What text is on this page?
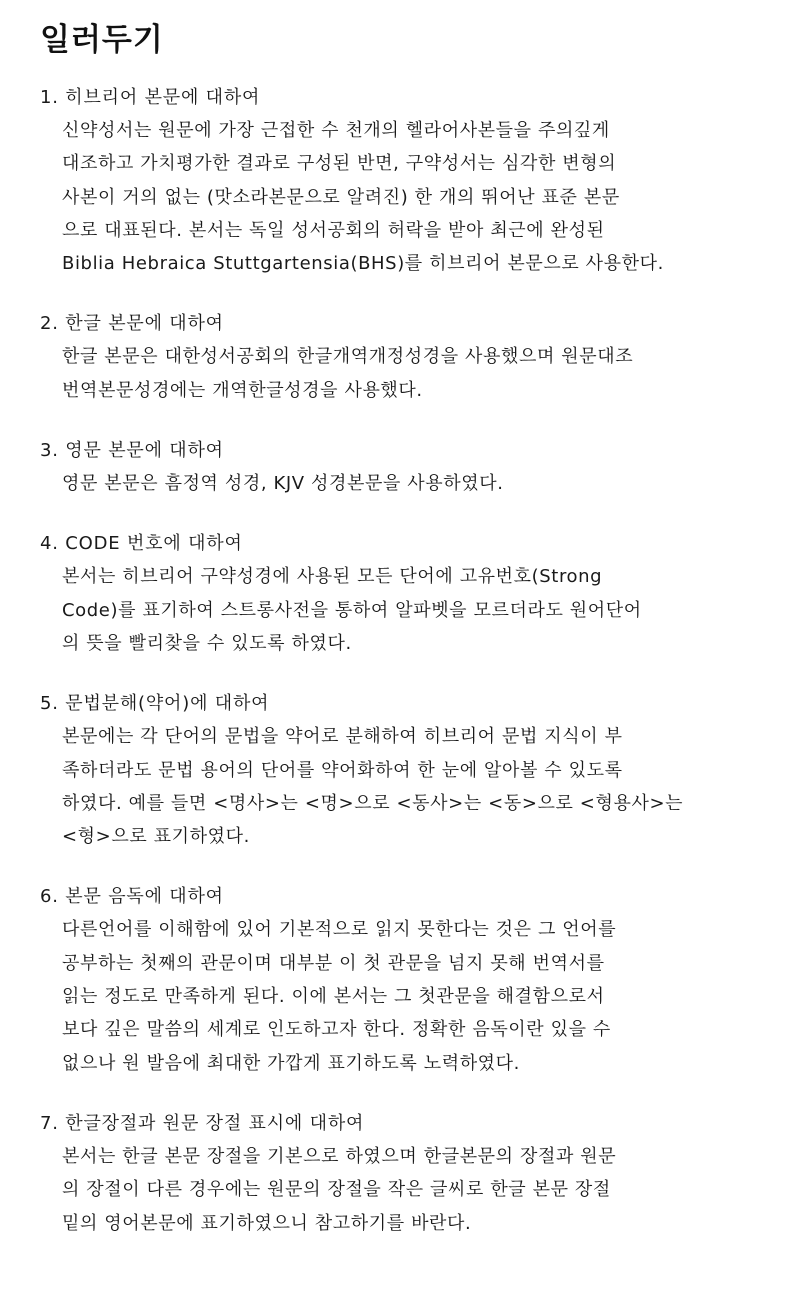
일러두기

1. 히브리어 본문에 대하여

신약성서는 원문에 가장 근접한 수 천개의 헬라어사본들을 주의깊게

대조하고 가치평가한 결과로 구성된 반면, 구약성서는 심각한 변형의

사본이 거의 없는 (맛소라본문으로 알려진) 한 개의 뛰어난 표준 본문

으로 대표된다. 본서는 독일 성서공회의 허락을 받아 최근에 완성된

Biblia Hebraica Stuttgartensia(BHS)를 히브리어 본문으로 사용한다.

2. 한글 본문에 대하여

한글 본문은 대한성서공회의 한글개역개정성경을 사용했으며 원문대조

번역본문성경에는 개역한글성경을 사용했다.

3. 영문 본문에 대하여

영문 본문은 흠정역 성경, KJV 성경본문을 사용하였다.

4. CODE 번호에 대하여

본서는 히브리어 구약성경에 사용된 모든 단어에 고유번호(Strong

Code)를 표기하여 스트롱사전을 통하여 알파벳을 모르더라도 원어단어

의 뜻을 빨리찾을 수 있도록 하였다.

5. 문법분해(약어)에 대하여

본문에는 각 단어의 문법을 약어로 분해하여 히브리어 문법 지식이 부

족하더라도 문법 용어의 단어를 약어화하여 한 눈에 알아볼 수 있도록

하였다. 예를 들면 <명사>는 <명>으로 <동사>는 <동>으로 <형용사>는

<형>으로 표기하였다.

6. 본문 음독에 대하여

다른언어를 이해함에 있어 기본적으로 읽지 못한다는 것은 그 언어를

공부하는 첫째의 관문이며 대부분 이 첫 관문을 넘지 못해 번역서를

읽는 정도로 만족하게 된다. 이에 본서는 그 첫관문을 해결함으로서

보다 깊은 말씀의 세계로 인도하고자 한다. 정확한 음독이란 있을 수

없으나 원 발음에 최대한 가깝게 표기하도록 노력하였다.

7. 한글장절과 원문 장절 표시에 대하여

본서는 한글 본문 장절을 기본으로 하였으며 한글본문의 장절과 원문

의 장절이 다른 경우에는 원문의 장절을 작은 글씨로 한글 본문 장절

밑의 영어본문에 표기하였으니 참고하기를 바란다.
